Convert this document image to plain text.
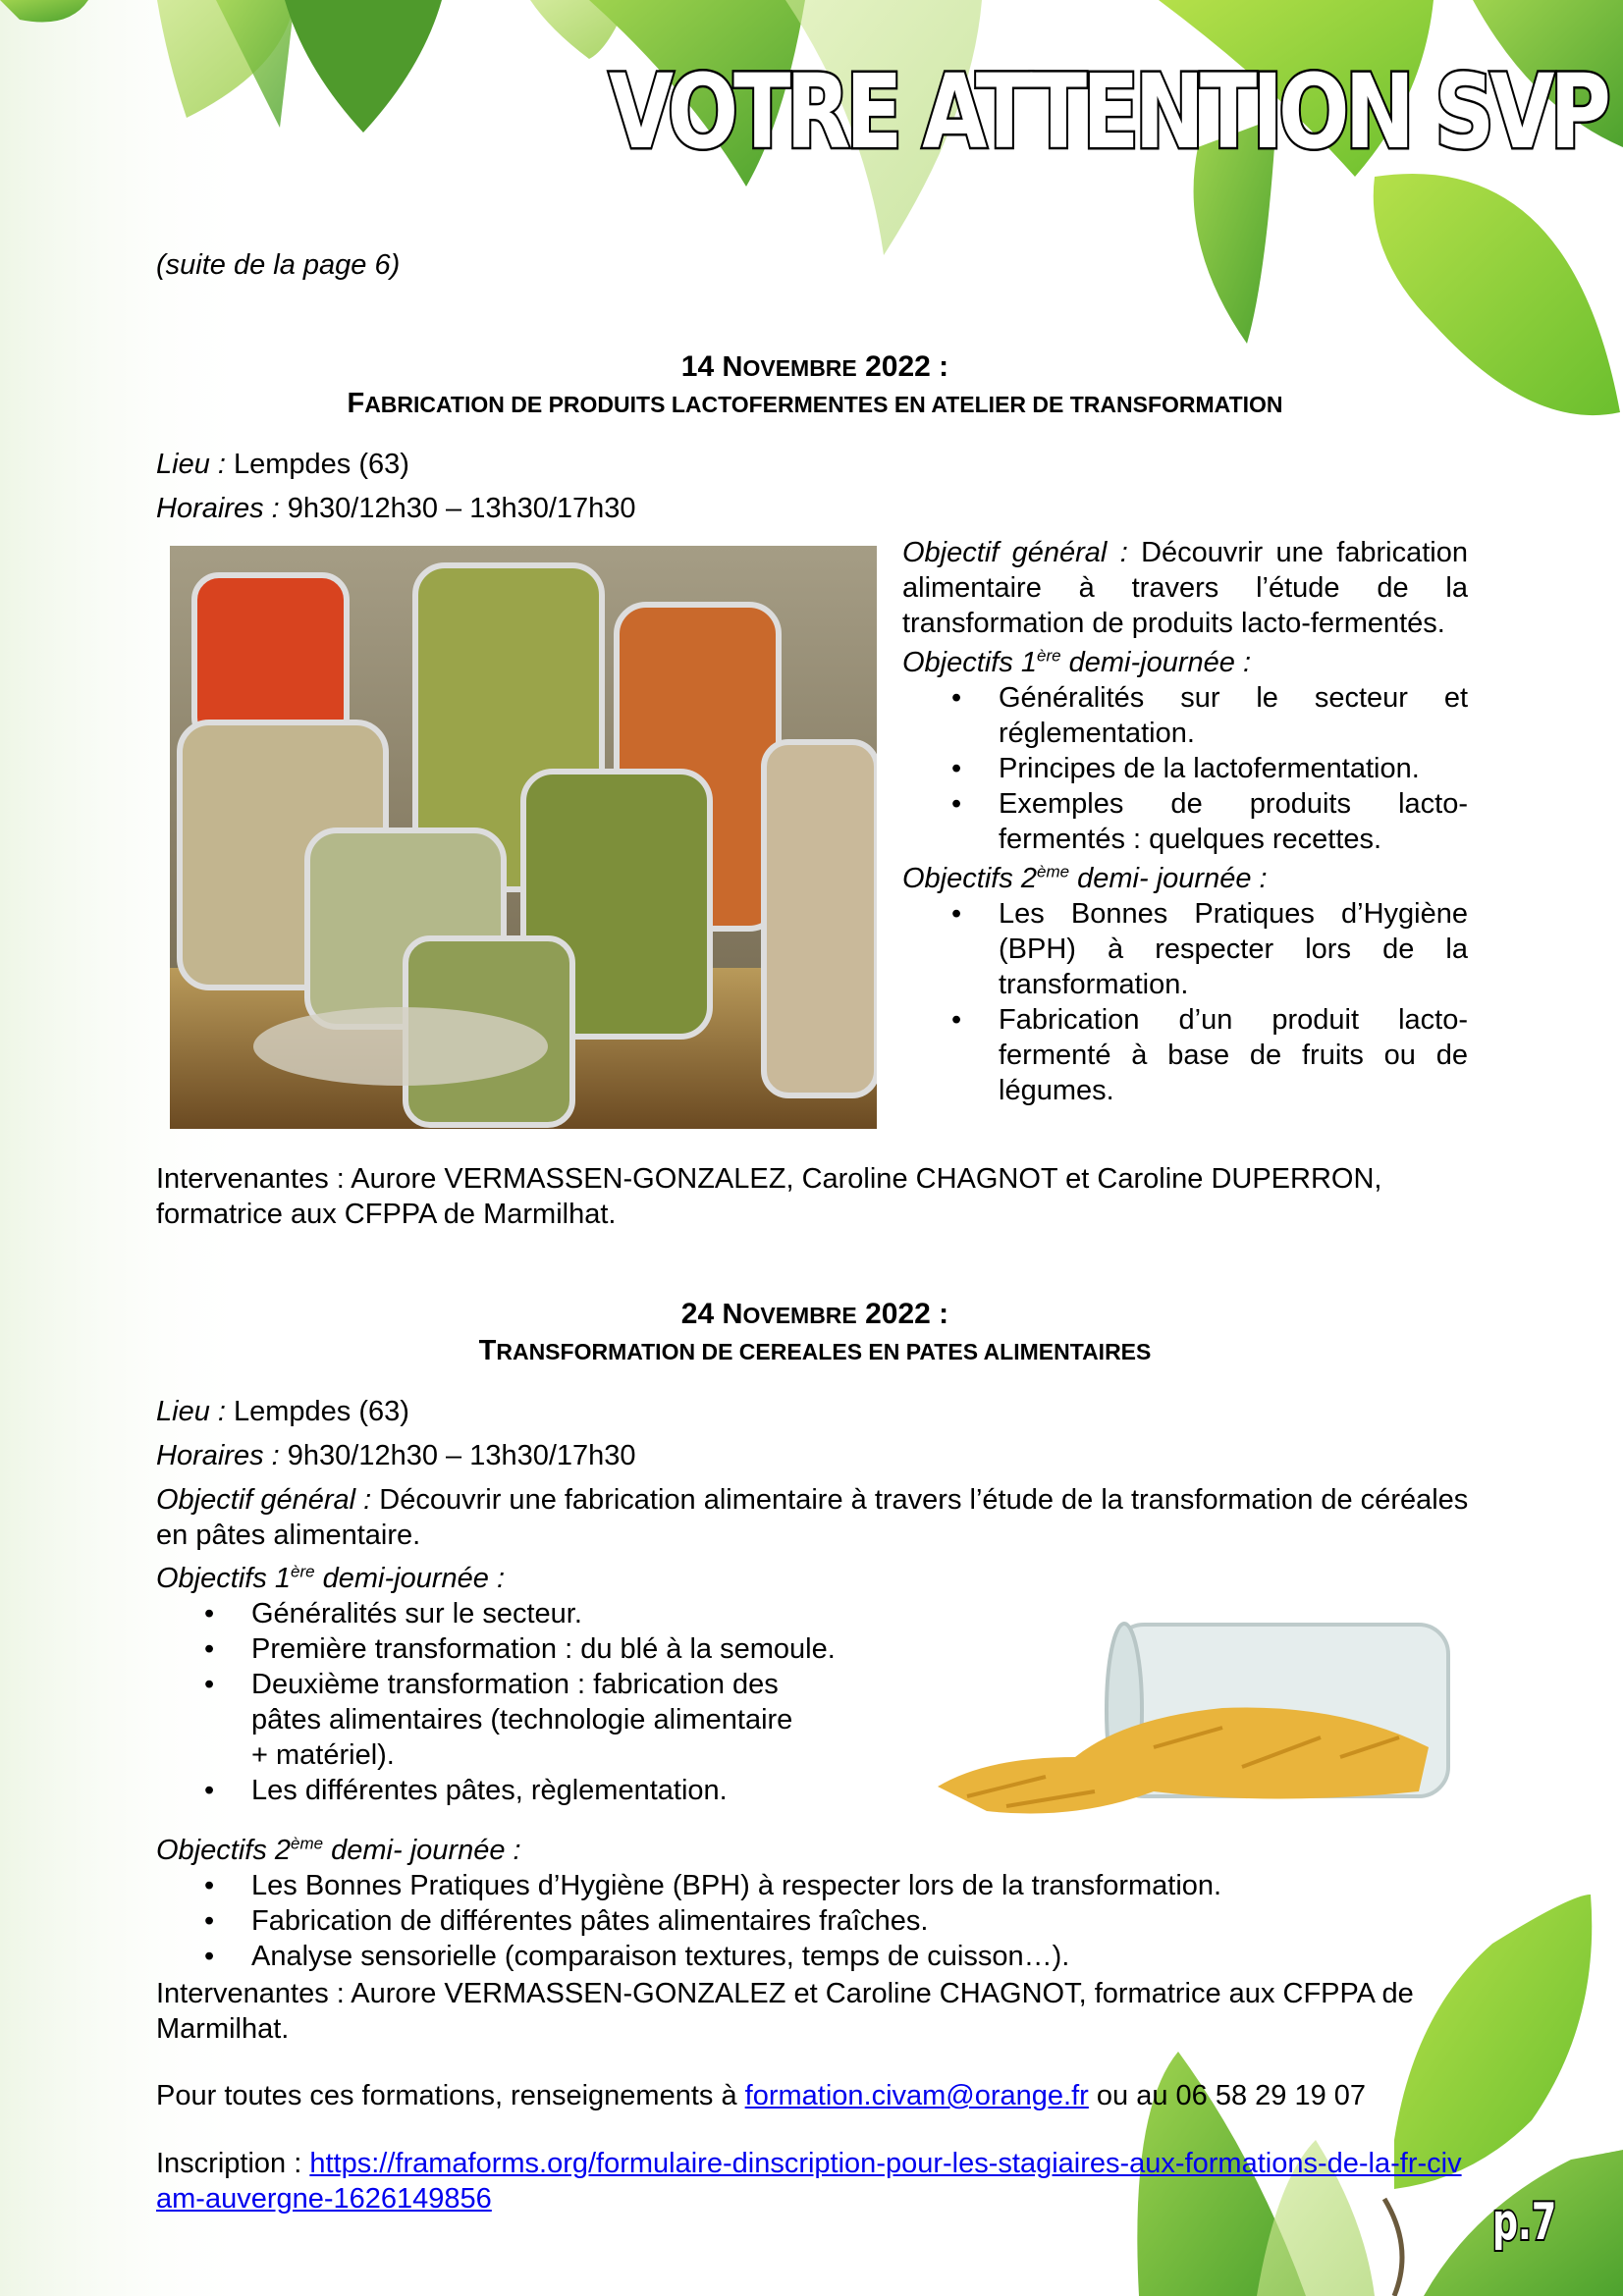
VOTRE ATTENTION SVP
(suite de la page 6)
14 NOVEMBRE 2022 :
FABRICATION DE PRODUITS LACTOFERMENTES EN ATELIER DE TRANSFORMATION
Lieu : Lempdes (63)
Horaires : 9h30/12h30 – 13h30/17h30
Objectif général : Découvrir une fabrication alimentaire à travers l’étude de la transformation de produits lacto-fermentés.
Objectifs 1ère demi-journée :
• Généralités sur le secteur et réglementation.
• Principes de la lactofermentation.
• Exemples de produits lacto-fermentés : quelques recettes.
Objectifs 2ème demi- journée :
• Les Bonnes Pratiques d’Hygiène (BPH) à respecter lors de la transformation.
• Fabrication d’un produit lacto-fermenté à base de fruits ou de légumes.
Intervenantes : Aurore VERMASSEN-GONZALEZ, Caroline CHAGNOT et Caroline DUPERRON, formatrice aux CFPPA de Marmilhat.
24 NOVEMBRE 2022 :
TRANSFORMATION DE CEREALES EN PATES ALIMENTAIRES
Lieu : Lempdes (63)
Horaires : 9h30/12h30 – 13h30/17h30
Objectif général : Découvrir une fabrication alimentaire à travers l’étude de la transformation de céréales en pâtes alimentaire.
Objectifs 1ère demi-journée :
• Généralités sur le secteur.
• Première transformation : du blé à la semoule.
• Deuxième transformation : fabrication des pâtes alimentaires (technologie alimentaire + matériel).
• Les différentes pâtes, règlementation.
Objectifs 2ème demi- journée :
• Les Bonnes Pratiques d’Hygiène (BPH) à respecter lors de la transformation.
• Fabrication de différentes pâtes alimentaires fraîches.
• Analyse sensorielle (comparaison textures, temps de cuisson…).
Intervenantes : Aurore VERMASSEN-GONZALEZ et Caroline CHAGNOT, formatrice aux CFPPA de Marmilhat.
Pour toutes ces formations, renseignements à formation.civam@orange.fr ou au 06 58 29 19 07
Inscription : https://framaforms.org/formulaire-dinscription-pour-les-stagiaires-aux-formations-de-la-fr-civam-auvergne-1626149856	p.7
